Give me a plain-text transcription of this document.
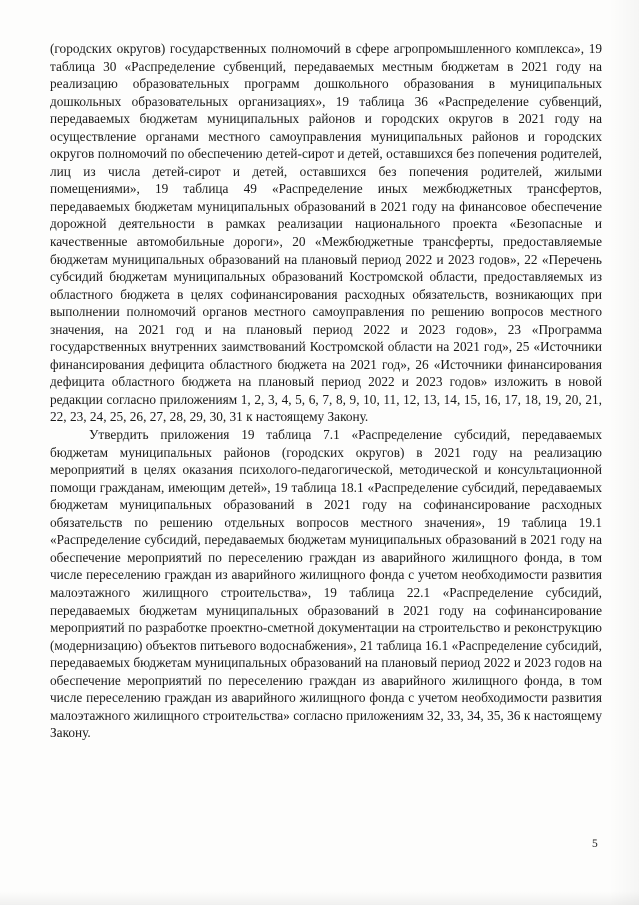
(городских округов) государственных полномочий в сфере агропромышленного комплекса», 19 таблица 30 «Распределение субвенций, передаваемых местным бюджетам в 2021 году на реализацию образовательных программ дошкольного образования в муниципальных дошкольных образовательных организациях», 19 таблица 36 «Распределение субвенций, передаваемых бюджетам муниципальных районов и городских округов в 2021 году на осуществление органами местного самоуправления муниципальных районов и городских округов полномочий по обеспечению детей-сирот и детей, оставшихся без попечения родителей, лиц из числа детей-сирот и детей, оставшихся без попечения родителей, жилыми помещениями», 19 таблица 49 «Распределение иных межбюджетных трансфертов, передаваемых бюджетам муниципальных образований в 2021 году на финансовое обеспечение дорожной деятельности в рамках реализации национального проекта «Безопасные и качественные автомобильные дороги», 20 «Межбюджетные трансферты, предоставляемые бюджетам муниципальных образований на плановый период 2022 и 2023 годов», 22 «Перечень субсидий бюджетам муниципальных образований Костромской области, предоставляемых из областного бюджета в целях софинансирования расходных обязательств, возникающих при выполнении полномочий органов местного самоуправления по решению вопросов местного значения, на 2021 год и на плановый период 2022 и 2023 годов», 23 «Программа государственных внутренних заимствований Костромской области на 2021 год», 25 «Источники финансирования дефицита областного бюджета на 2021 год», 26 «Источники финансирования дефицита областного бюджета на плановый период 2022 и 2023 годов» изложить в новой редакции согласно приложениям 1, 2, 3, 4, 5, 6, 7, 8, 9, 10, 11, 12, 13, 14, 15, 16, 17, 18, 19, 20, 21, 22, 23, 24, 25, 26, 27, 28, 29, 30, 31 к настоящему Закону.

Утвердить приложения 19 таблица 7.1 «Распределение субсидий, передаваемых бюджетам муниципальных районов (городских округов) в 2021 году на реализацию мероприятий в целях оказания психолого-педагогической, методической и консультационной помощи гражданам, имеющим детей», 19 таблица 18.1 «Распределение субсидий, передаваемых бюджетам муниципальных образований в 2021 году на софинансирование расходных обязательств по решению отдельных вопросов местного значения», 19 таблица 19.1 «Распределение субсидий, передаваемых бюджетам муниципальных образований в 2021 году на обеспечение мероприятий по переселению граждан из аварийного жилищного фонда, в том числе переселению граждан из аварийного жилищного фонда с учетом необходимости развития малоэтажного жилищного строительства», 19 таблица 22.1 «Распределение субсидий, передаваемых бюджетам муниципальных образований в 2021 году на софинансирование мероприятий по разработке проектно-сметной документации на строительство и реконструкцию (модернизацию) объектов питьевого водоснабжения», 21 таблица 16.1 «Распределение субсидий, передаваемых бюджетам муниципальных образований на плановый период 2022 и 2023 годов на обеспечение мероприятий по переселению граждан из аварийного жилищного фонда, в том числе переселению граждан из аварийного жилищного фонда с учетом необходимости развития малоэтажного жилищного строительства» согласно приложениям 32, 33, 34, 35, 36 к настоящему Закону.

5
